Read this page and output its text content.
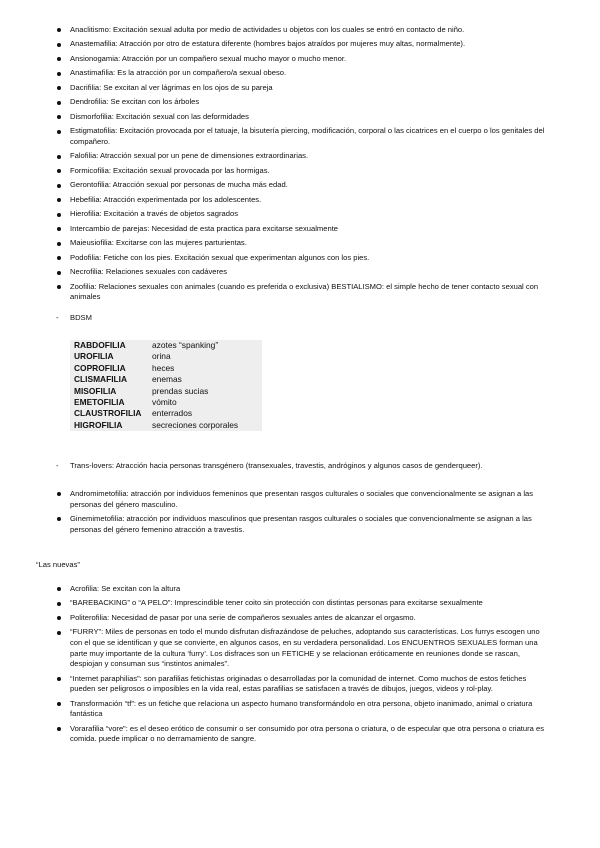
Anaclitismo: Excitación sexual adulta por medio de actividades u objetos con los cuales se entró en contacto de niño.
Anastemafilia: Atracción por otro de estatura diferente (hombres bajos atraídos por mujeres muy altas, normalmente).
Ansionogamia: Atracción por un compañero sexual mucho mayor o mucho menor.
Anastimafilia: Es la atracción por un compañero/a sexual obeso.
Dacrifilia: Se excitan al ver lágrimas en los ojos de su pareja
Dendrofilia: Se excitan con los árboles
Dismorfofilia: Excitación sexual con las deformidades
Estigmatofilia: Excitación provocada por el tatuaje, la bisutería piercing, modificación, corporal o las cicatrices en el cuerpo o los genitales del compañero.
Falofilia: Atracción sexual por un pene de dimensiones extraordinarias.
Formicofilia: Excitación sexual provocada por las hormigas.
Gerontofilia: Atracción sexual por personas de mucha más edad.
Hebefilia: Atracción experimentada por los adolescentes.
Hierofilia: Excitación a través de objetos sagrados
Intercambio de parejas: Necesidad de esta practica para excitarse sexualmente
Maieusiofilia: Excitarse con las mujeres parturientas.
Podofilia: Fetiche con los pies. Excitación sexual que experimentan algunos con los pies.
Necrofilia: Relaciones sexuales con cadáveres
Zoofilia: Relaciones sexuales con animales (cuando es preferida o exclusiva) BESTIALISMO: el simple hecho de tener contacto sexual con animales
- BDSM
RABDOFILIA	azotes “spanking”
UROFILIA	orina
COPROFILIA	heces
CLISMAFILIA	enemas
MISOFILIA	prendas sucias
EMETOFILIA	vómito
CLAUSTROFILIA	enterrados
HIGROFILIA	secreciones corporales
- Trans-lovers: Atracción hacia personas transgénero (transexuales, travestis, andróginos y algunos casos de genderqueer).
Andromimetofilia: atracción por individuos femeninos que presentan rasgos culturales o sociales que convencionalmente se asignan a las personas del género masculino.
Ginemimetofilia: atracción por individuos masculinos que presentan rasgos culturales o sociales que convencionalmente se asignan a las personas del género femenino atracción a travestis.
“Las nuevas”
Acrofilia: Se excitan con la altura
“BAREBACKING” o “A PELO”: Imprescindible tener coito sin protección con distintas personas para excitarse sexualmente
Politerofilia: Necesidad de pasar por una serie de compañeros sexuales antes de alcanzar el orgasmo.
“FURRY”: Miles de personas en todo el mundo disfrutan disfrazándose de peluches, adoptando sus características. Los furrys escogen uno con el que se identifican y que se convierte, en algunos casos, en su verdadera personalidad. Los ENCUENTROS SEXUALES forman una parte muy importante de la cultura ‘furry’. Los disfraces son un FETICHE y se relacionan eróticamente en reuniones donde se rascan, despiojan y consuman sus “instintos animales”.
“Internet paraphilias”: son parafilias fetichistas originadas o desarrolladas por la comunidad de internet. Como muchos de estos fetiches pueden ser peligrosos o imposibles en la vida real, estas parafilias se satisfacen a través de dibujos, juegos, videos y rol-play.
Transformación “tf”: es un fetiche que relaciona un aspecto humano transformándolo en otra persona, objeto inanimado, animal o criatura fantástica
Vorarafilia “vore”: es el deseo erótico de consumir o ser consumido por otra persona o criatura, o de especular que otra persona o criatura es comida. puede implicar o no derramamiento de sangre.
